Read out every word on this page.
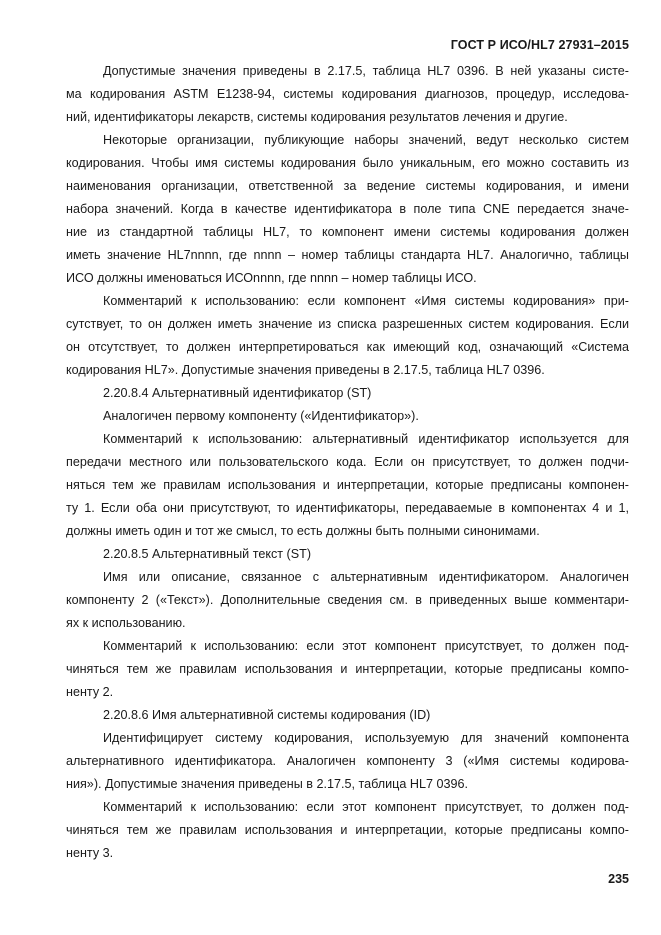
ГОСТ Р ИСО/HL7 27931–2015
Допустимые значения приведены в 2.17.5, таблица HL7 0396. В ней указаны систе-
ма кодирования ASTM E1238-94, системы кодирования диагнозов, процедур, исследова-
ний, идентификаторы лекарств, системы кодирования результатов лечения и другие.
Некоторые организации, публикующие наборы значений, ведут несколько систем
кодирования. Чтобы имя системы кодирования было уникальным, его можно составить из
наименования организации, ответственной за ведение системы кодирования, и имени
набора значений. Когда в качестве идентификатора в поле типа CNE передается значе-
ние из стандартной таблицы HL7, то компонент имени системы кодирования должен
иметь значение HL7nnnn, где nnnn – номер таблицы стандарта HL7. Аналогично, таблицы
ИСО должны именоваться ИСОnnnn, где nnnn – номер таблицы ИСО.
Комментарий к использованию: если компонент «Имя системы кодирования» при-
сутствует, то он должен иметь значение из списка разрешенных систем кодирования. Если
он отсутствует, то должен интерпретироваться как имеющий код, означающий «Система
кодирования HL7». Допустимые значения приведены в 2.17.5, таблица HL7 0396.
2.20.8.4 Альтернативный идентификатор (ST)
Аналогичен первому компоненту («Идентификатор»).
Комментарий к использованию: альтернативный идентификатор используется для
передачи местного или пользовательского кода. Если он присутствует, то должен подчи-
няться тем же правилам использования и интерпретации, которые предписаны компонен-
ту 1. Если оба они присутствуют, то идентификаторы, передаваемые в компонентах 4 и 1,
должны иметь один и тот же смысл, то есть должны быть полными синонимами.
2.20.8.5 Альтернативный текст (ST)
Имя или описание, связанное с альтернативным идентификатором. Аналогичен
компоненту 2 («Текст»). Дополнительные сведения см. в приведенных выше комментари-
ях к использованию.
Комментарий к использованию: если этот компонент присутствует, то должен под-
чиняться тем же правилам использования и интерпретации, которые предписаны компо-
ненту 2.
2.20.8.6 Имя альтернативной системы кодирования (ID)
Идентифицирует систему кодирования, используемую для значений компонента
альтернативного идентификатора. Аналогичен компоненту 3 («Имя системы кодирова-
ния»). Допустимые значения приведены в 2.17.5, таблица HL7 0396.
Комментарий к использованию: если этот компонент присутствует, то должен под-
чиняться тем же правилам использования и интерпретации, которые предписаны компо-
ненту 3.
235
